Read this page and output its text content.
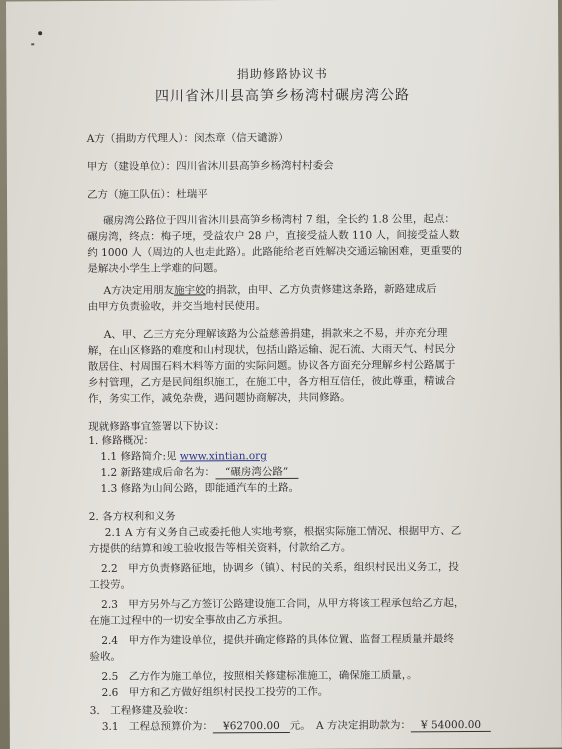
捐助修路协议书
四川省沐川县高笋乡杨湾村碾房湾公路
A方（捐助方代理人）：闵杰章（信天谴游）
甲方（建设单位）：四川省沐川县高笋乡杨湾村村委会
乙方（施工队伍）：杜瑞平
碾房湾公路位于四川省沐川县高笋乡杨湾村 7 组，全长约 1.8 公里，起点：
碾房湾，终点：梅子埂，受益农户 28 户，直接受益人数 110 人，间接受益人数
约 1000 人（周边的人也走此路）。此路能给老百姓解决交通运输困难，更重要的
是解决小学生上学难的问题。
A方决定用朋友施宇姣的捐款，由甲、乙方负责修建这条路，新路建成后
由甲方负责验收，并交当地村民使用。
A、甲、乙三方充分理解该路为公益慈善捐建，捐款来之不易，并亦充分理
解，在山区修路的难度和山村现状，包括山路运输、泥石流、大雨天气、村民分
散居住、村周围石料木料等方面的实际问题。协议各方面充分理解乡村公路属于
乡村管理，乙方是民间组织施工，在施工中，各方相互信任，彼此尊重，精诚合
作，务实工作，减免杂费，遇问题协商解决，共同修路。
现就修路事宜签署以下协议：
1. 修路概况：
1.1 修路简介:见 www.xintian.org
1.2 新路建成后命名为： “碾房湾公路”
1.3 修路为山间公路，即能通汽车的土路。
2. 各方权利和义务
2.1 A 方有义务自己或委托他人实地考察，根据实际施工情况、根据甲方、乙
方提供的结算和竣工验收报告等相关资料，付款给乙方。
2.2　甲方负责修路征地，协调乡（镇）、村民的关系，组织村民出义务工，投
工投劳。
2.3　甲方另外与乙方签订公路建设施工合同，从甲方将该工程承包给乙方起，
在施工过程中的一切安全事故由乙方承担。
2.4　甲方作为建设单位，提供并确定修路的具体位置、监督工程质量并最终
验收。
2.5　乙方作为施工单位，按照相关修建标准施工，确保施工质量，。
2.6　甲方和乙方做好组织村民投工投劳的工作。
3.　工程修建及验收：
3.1　工程总预算价为： ¥62700.00 元。　A 方决定捐助款为： ¥ 54000.00
